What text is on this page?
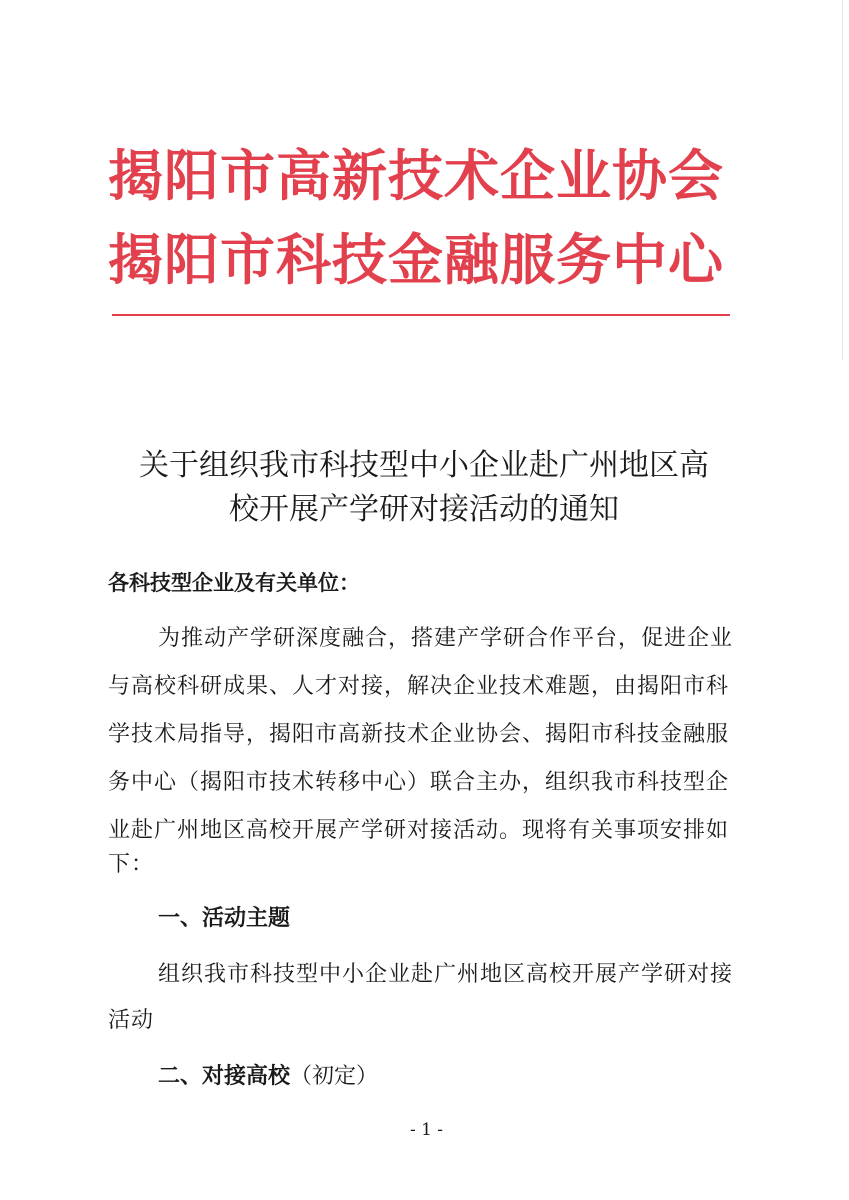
揭阳市高新技术企业协会
揭阳市科技金融服务中心
关于组织我市科技型中小企业赴广州地区高
校开展产学研对接活动的通知
各科技型企业及有关单位：
为推动产学研深度融合，搭建产学研合作平台，促进企业
与高校科研成果、人才对接，解决企业技术难题，由揭阳市科
学技术局指导，揭阳市高新技术企业协会、揭阳市科技金融服
务中心（揭阳市技术转移中心）联合主办，组织我市科技型企
业赴广州地区高校开展产学研对接活动。现将有关事项安排如
下：
一、活动主题
组织我市科技型中小企业赴广州地区高校开展产学研对接
活动
二、对接高校（初定）
- 1 -
